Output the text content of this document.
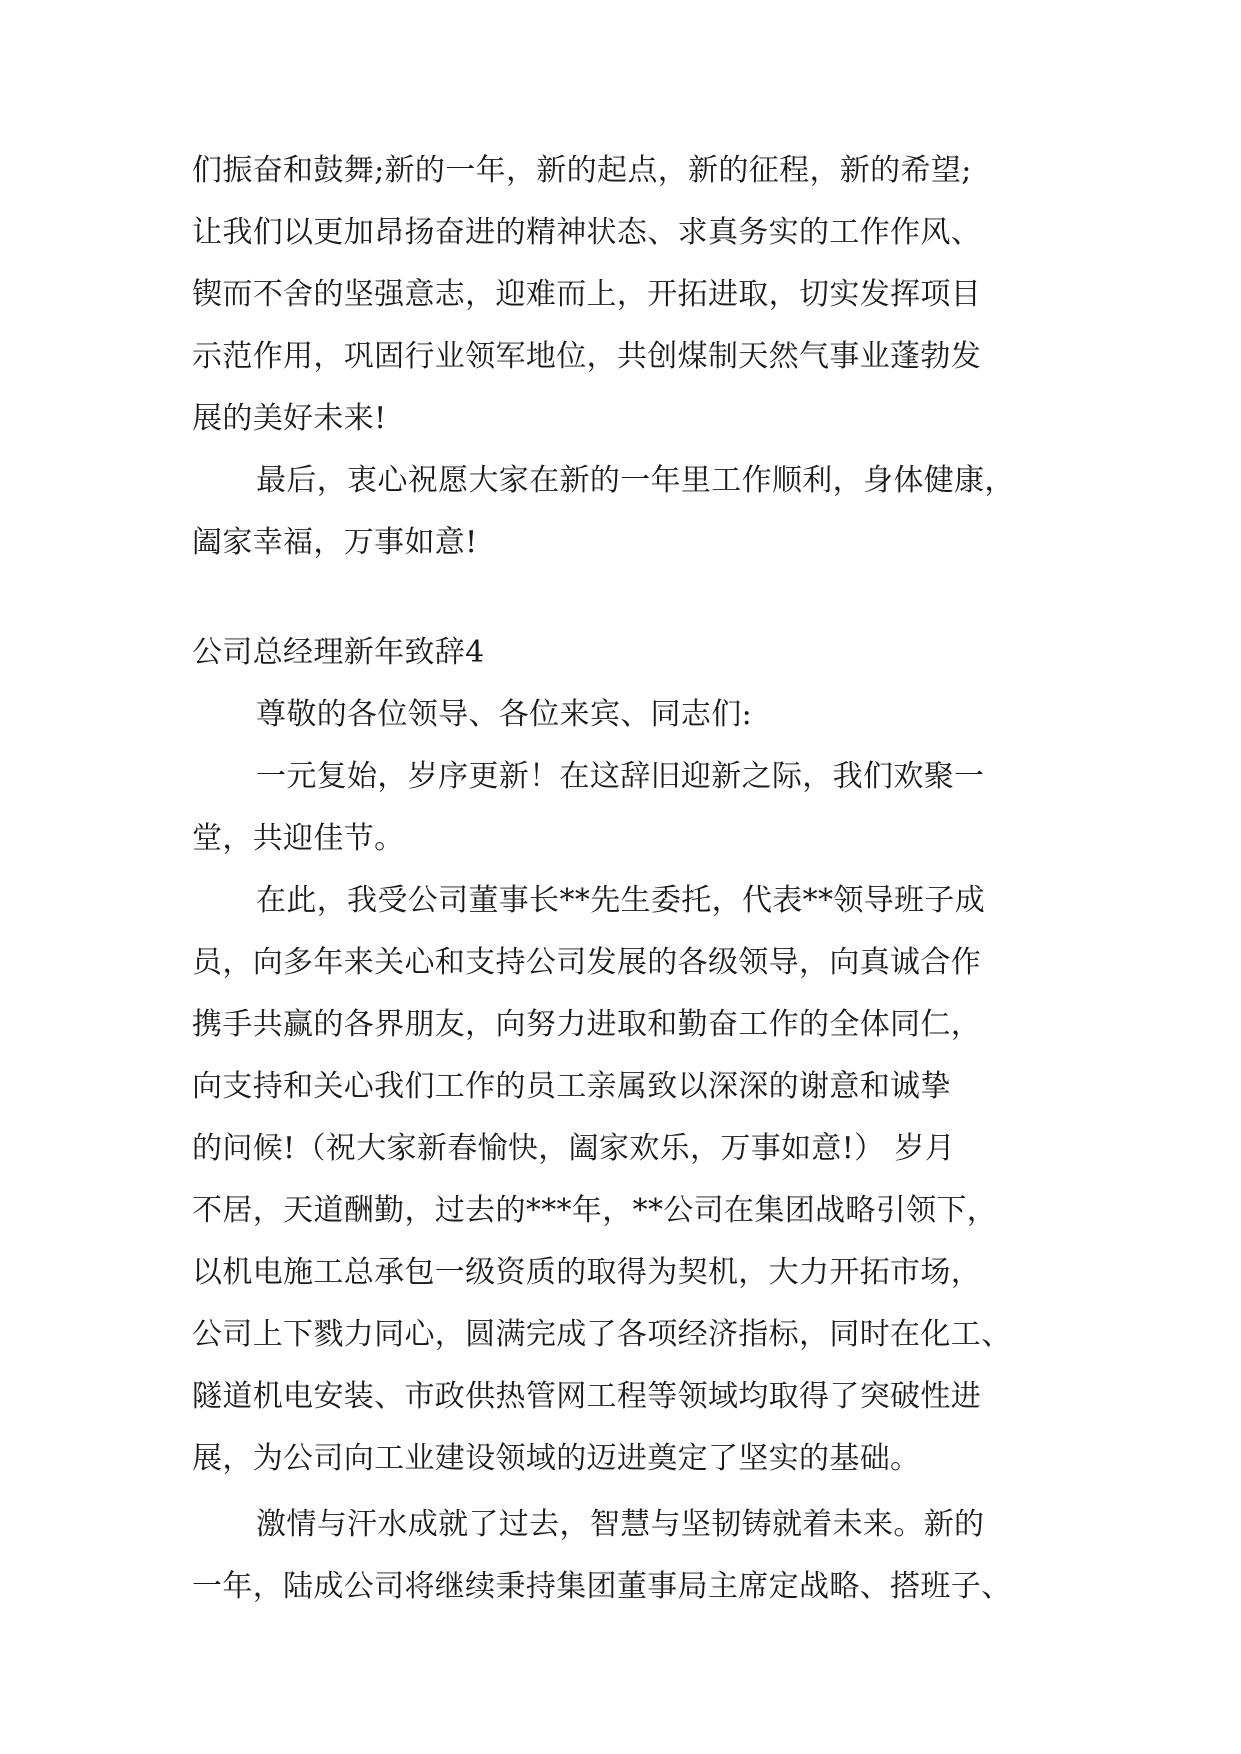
们振奋和鼓舞;新的一年，新的起点，新的征程，新的希望;
让我们以更加昂扬奋进的精神状态、求真务实的工作作风、
锲而不舍的坚强意志，迎难而上，开拓进取，切实发挥项目
示范作用，巩固行业领军地位，共创煤制天然气事业蓬勃发
展的美好未来!
最后，衷心祝愿大家在新的一年里工作顺利，身体健康，
阖家幸福，万事如意!
公司总经理新年致辞4
尊敬的各位领导、各位来宾、同志们:
一元复始，岁序更新！在这辞旧迎新之际，我们欢聚一
堂，共迎佳节。
在此，我受公司董事长**先生委托，代表**领导班子成
员，向多年来关心和支持公司发展的各级领导，向真诚合作
携手共赢的各界朋友，向努力进取和勤奋工作的全体同仁，
向支持和关心我们工作的员工亲属致以深深的谢意和诚挚
的问候!（祝大家新春愉快，阖家欢乐，万事如意!） 岁月
不居，天道酬勤，过去的***年，**公司在集团战略引领下，
以机电施工总承包一级资质的取得为契机，大力开拓市场，
公司上下戮力同心，圆满完成了各项经济指标，同时在化工、
隧道机电安装、市政供热管网工程等领域均取得了突破性进
展，为公司向工业建设领域的迈进奠定了坚实的基础。
激情与汗水成就了过去，智慧与坚韧铸就着未来。新的
一年，陆成公司将继续秉持集团董事局主席定战略、搭班子、
